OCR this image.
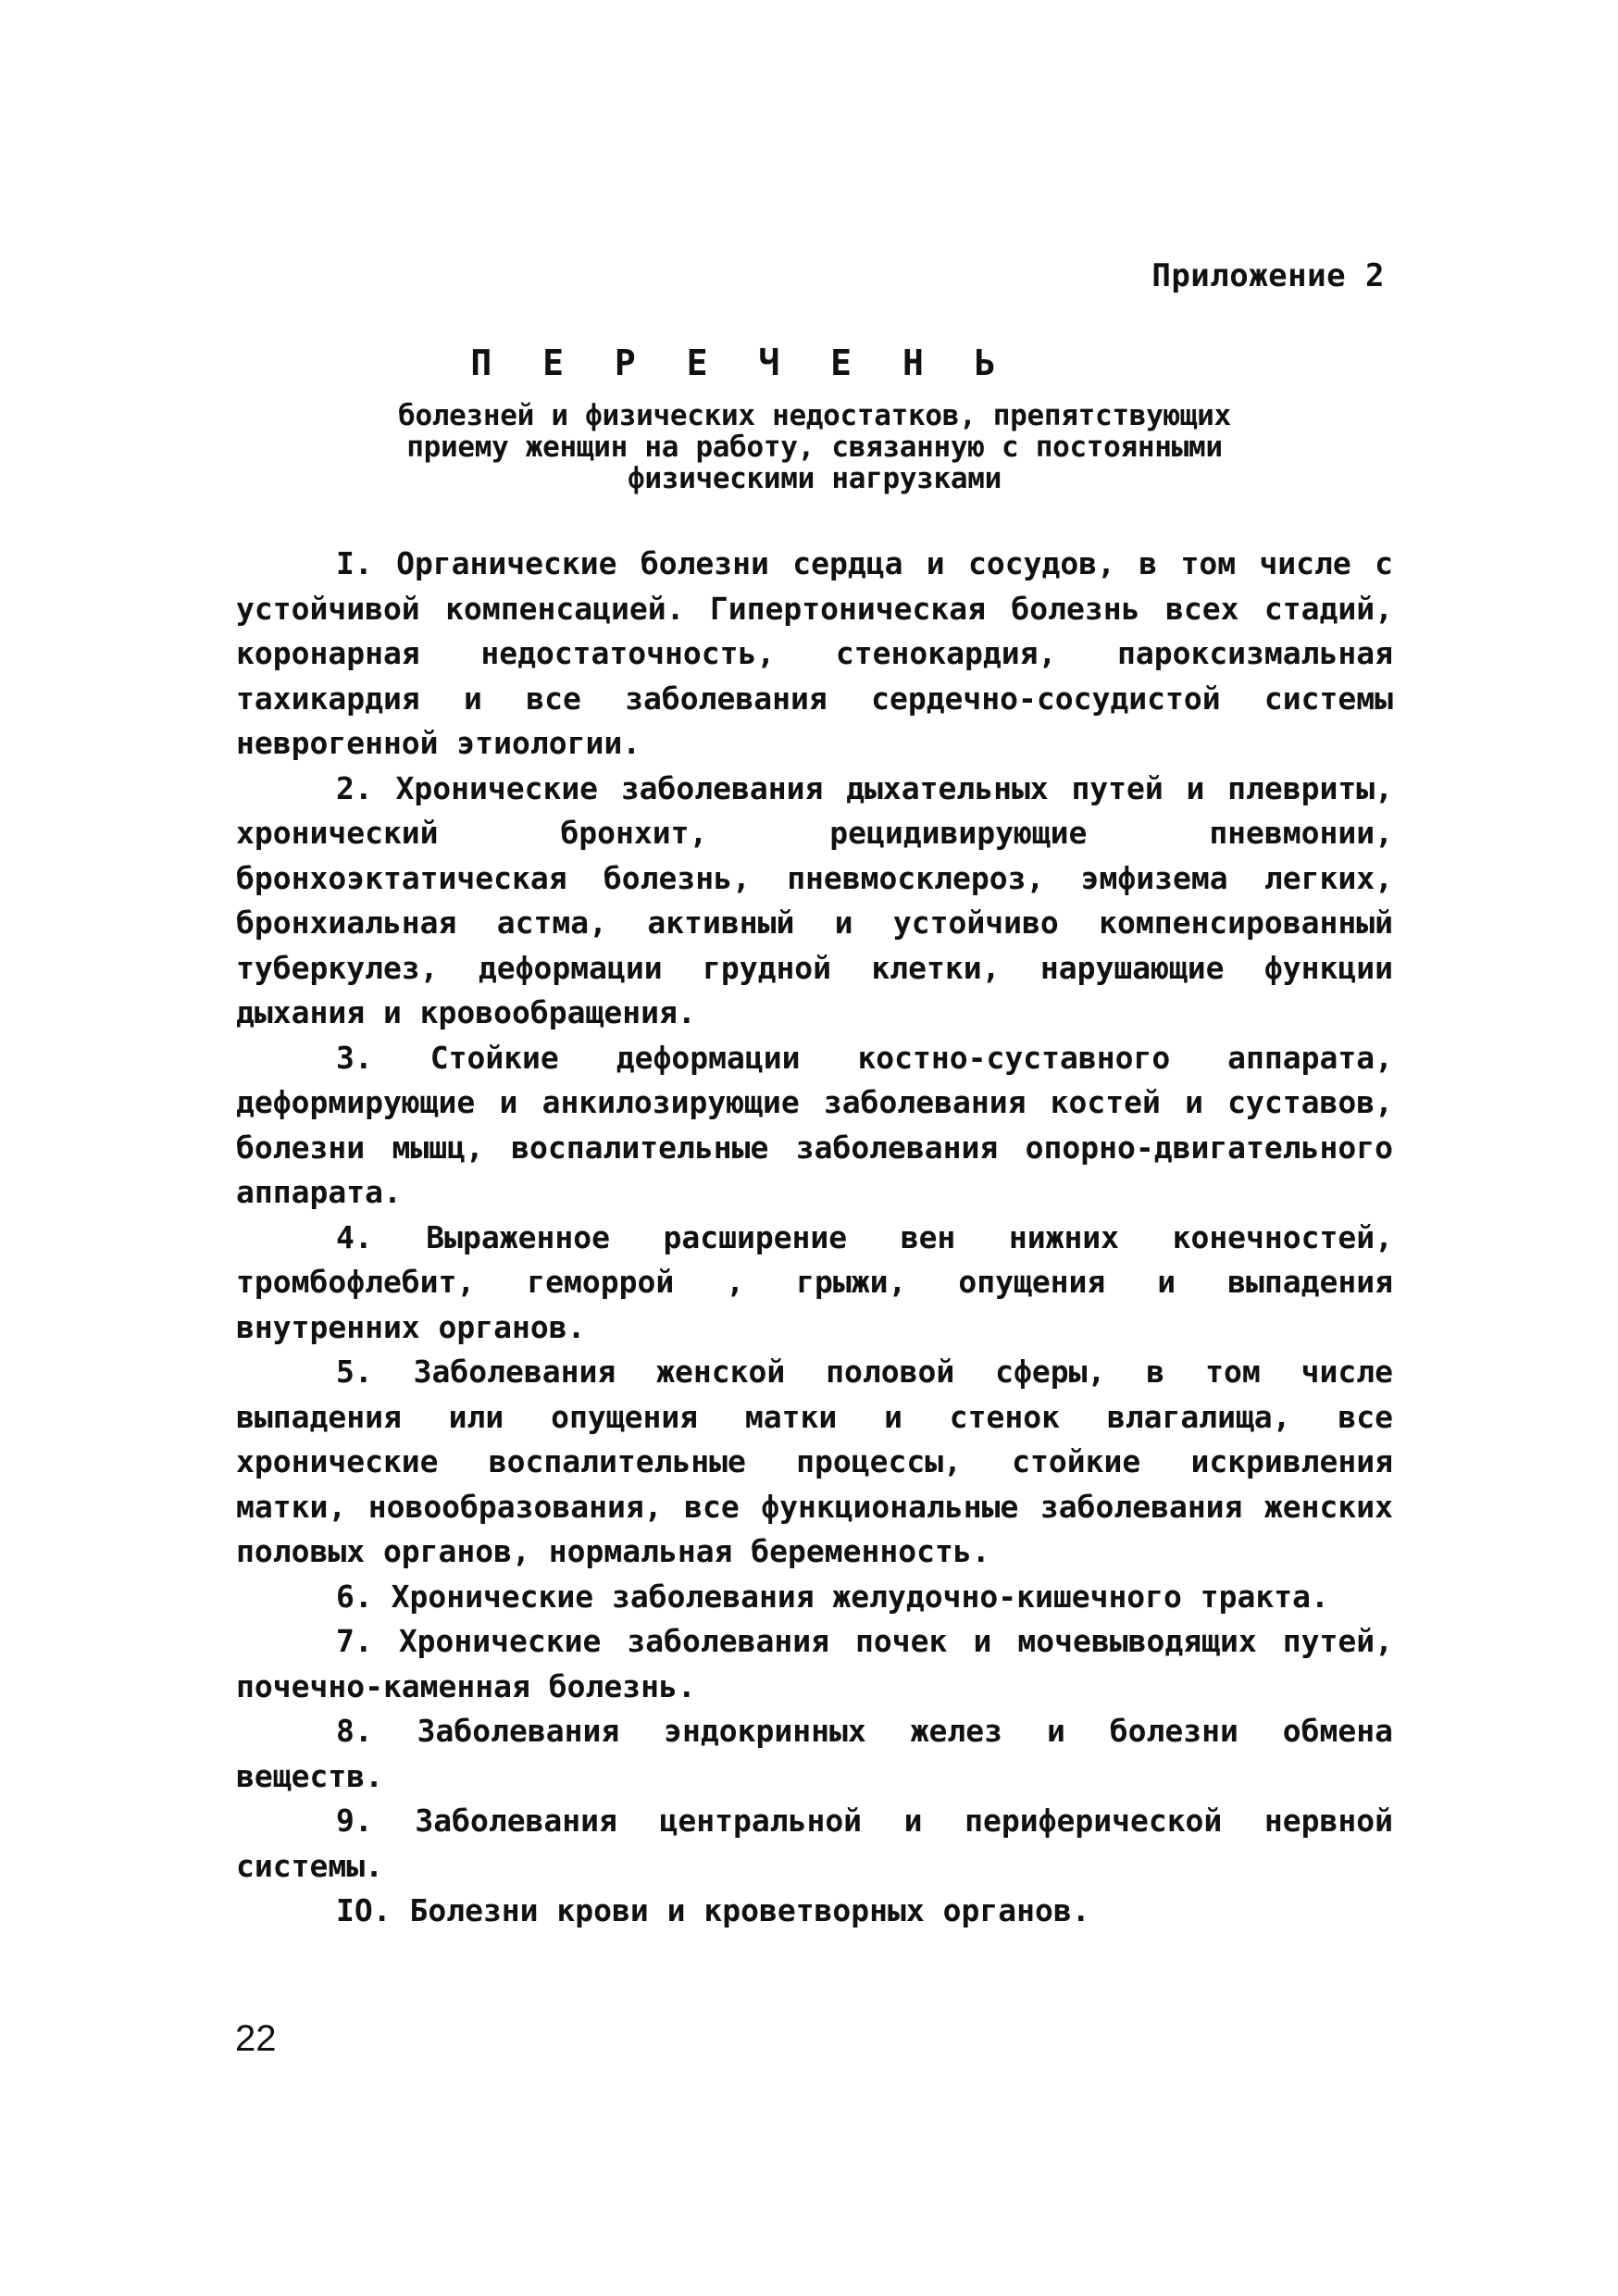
Приложение 2
П Е Р Е Ч Е Н Ь
болезней и физических недостатков, препятствующих
приему женщин на работу, связанную с постоянными
физическими нагрузками

I. Органические болезни сердца и сосудов, в том числе с устойчивой компенсацией. Гипертоническая болезнь всех стадий, коронарная недостаточность, стенокардия, пароксизмальная тахикардия и все заболевания сердечно-сосудистой системы неврогенной этиологии.

2. Хронические заболевания дыхательных путей и плевриты, хронический бронхит, рецидивирующие пневмонии, бронхоэктатическая болезнь, пневмосклероз, эмфизема легких, бронхиальная астма, активный и устойчиво компенсированный туберкулез, деформации грудной клетки, нарушающие функции дыхания и кровообращения.

3. Стойкие деформации костно-суставного аппарата, деформирующие и анкилозирующие заболевания костей и суставов, болезни мышц, воспалительные заболевания опорно-двигательного аппарата.

4. Выраженное расширение вен нижних конечностей, тромбофлебит, геморрой , грыжи, опущения и выпадения внутренних органов.

5. Заболевания женской половой сферы, в том числе выпадения или опущения матки и стенок влагалища, все хронические воспалительные процессы, стойкие искривления матки, новообразования, все функциональные заболевания женских половых органов, нормальная беременность.

6. Хронические заболевания желудочно-кишечного тракта.

7. Хронические заболевания почек и мочевыводящих путей, почечно-каменная болезнь.

8. Заболевания эндокринных желез и болезни обмена веществ.

9. Заболевания центральной и периферической нервной системы.

IO. Болезни крови и кроветворных органов.

22
